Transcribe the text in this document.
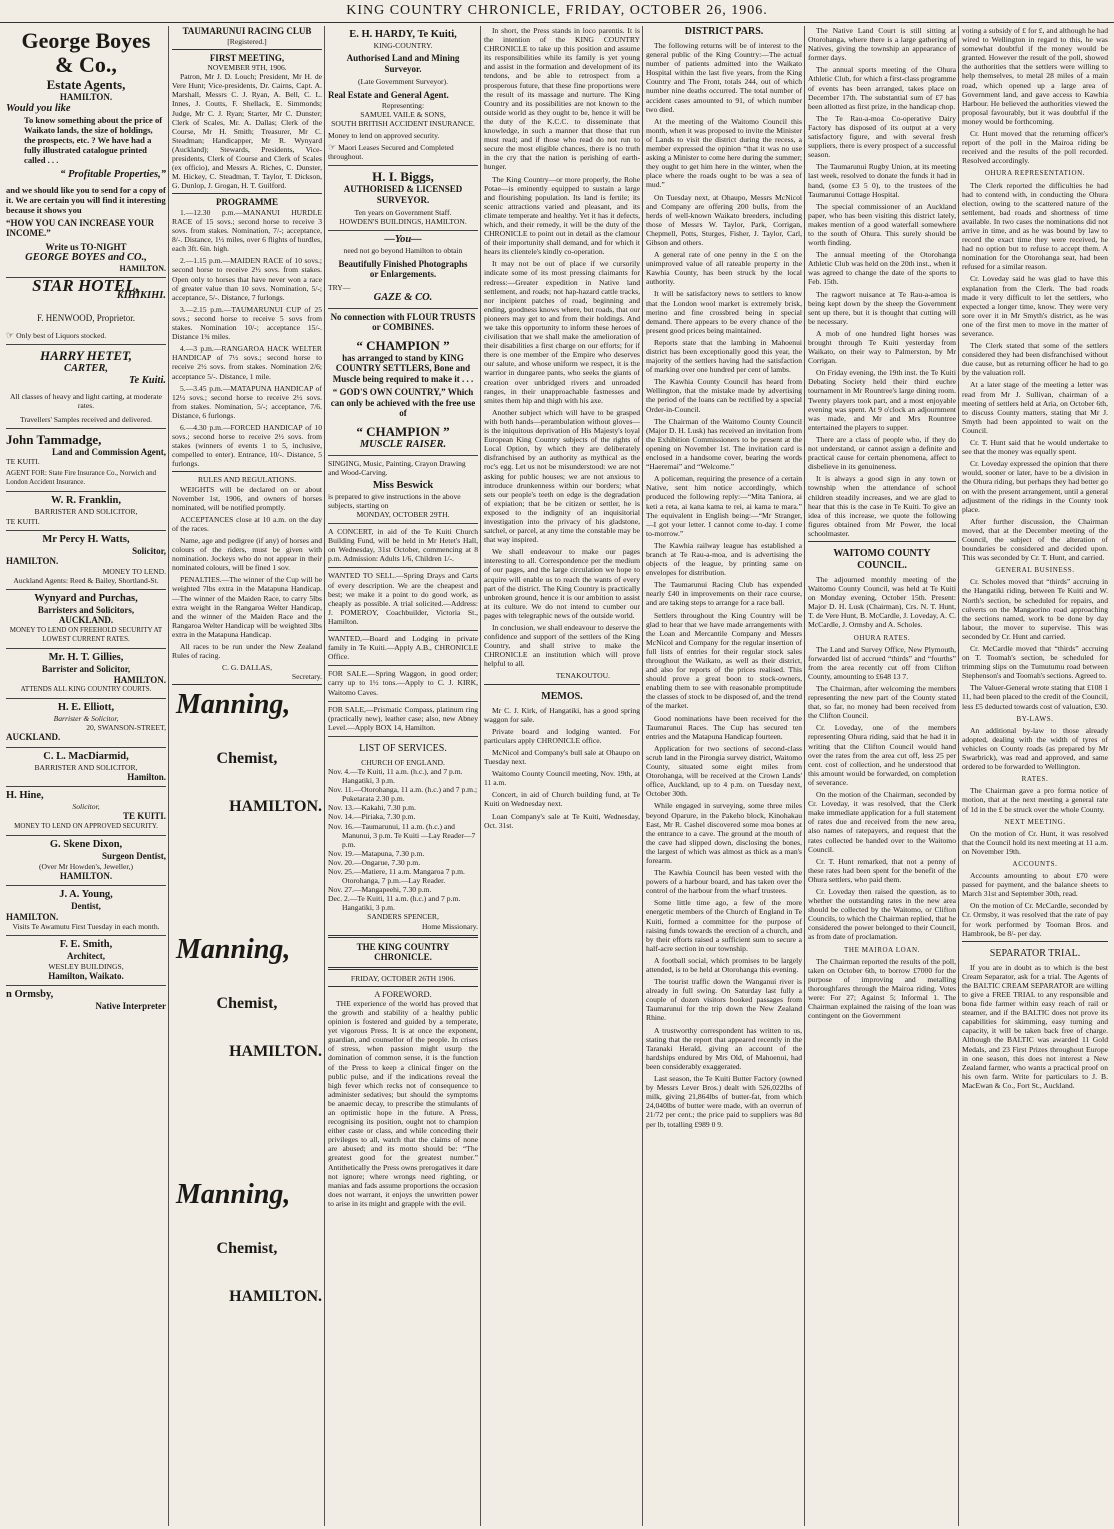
KING COUNTRY CHRONICLE, FRIDAY, OCTOBER 26, 1906.
George Boyes
& Co.,
Estate Agents,
HAMILTON.
Would you like
To know something about the price of Waikato lands, the size of holdings, the prospects, etc. ? We have had a fully illustrated catalogue printed called . . .
“ Profitable Properties,”
and we should like you to send for a copy of it. We are certain you will find it interesting because it shows you
“HOW YOU CAN INCREASE YOUR INCOME.”
Write us TO-NIGHT
GEORGE BOYES and CO.,
HAMILTON.
STAR HOTEL,
KIHIKIHI.
F. HENWOOD, Proprietor.
☞ Only best of Liquors stocked.
HARRY HETET,
CARTER,
Te Kuiti.
All classes of heavy and light carting, at moderate rates.
Travellers' Samples received and delivered.
John Tammadge,
Land and Commission Agent,
TE KUITI.
AGENT FOR: State Fire Insurance Co., Norwich and London Accident Insurance.
W. R. Franklin,
BARRISTER AND SOLICITOR,
TE KUITI.
Mr Percy H. Watts,
Solicitor,
HAMILTON.
MONEY TO LEND.
Auckland Agents: Reed & Bailey, Shortland-St.
Wynyard and Purchas,
Barristers and Solicitors,
AUCKLAND.
MONEY TO LEND ON FREEHOLD SECURITY AT LOWEST CURRENT RATES.
Mr. H. T. Gillies,
Barrister and Solicitor,
HAMILTON.
ATTENDS ALL KING COUNTRY COURTS.
H. E. Elliott,
Barrister & Solicitor,
20, SWANSON-STREET,
AUCKLAND.
C. L. MacDiarmid,
BARRISTER AND SOLICITOR,
Hamilton.
H. Hine,
Solicitor,
TE KUITI.
MONEY TO LEND ON APPROVED SECURITY.
G. Skene Dixon,
Surgeon Dentist,
(Over Mr Howden's, Jeweller,)
HAMILTON.
J. A. Young,
Dentist,
HAMILTON.
Visits Te Awamutu First Tuesday in each month.
F. E. Smith,
Architect,
WESLEY BUILDINGS,
Hamilton, Waikato.
n Ormsby,
Native Interpreter
TAUMARUNUI RACING CLUB
[Registered.]
FIRST MEETING,
NOVEMBER 9TH, 1906.

Patron, Mr J. D. Louch; President, Mr H. de Vere Hunt; Vice-presidents, Dr. Cairns, Capt. A. Marshall, Messrs C. J. Ryan, A. Bell, C. L. Innes, J. Coutts, F. Shellack, E. Simmonds; Judge, Mr C. J. Ryan; Starter, Mr C. Dunster; Clerk of Scales, Mr. A. Dallas; Clerk of the Course, Mr H. Smith; Treasurer, Mr C. Steadman; Handicapper, Mr R. Wynyard (Auckland); Stewards, Presidents, Vice-presidents, Clerk of Course and Clerk of Scales (ex officio), and Messrs A. Riches, C. Dunster, M. Hickey, C. Steadman, T. Taylor, T. Dickson, G. Dunlop, J. Grogan, H. T. Guilford.

PROGRAMME

1.—12.30 p.m.—MANANUI HURDLE RACE of 15 sovs.; second horse to receive 3 sovs. from stakes. Nomination, 7/-; acceptance, 8/-. Distance, 1½ miles, over 6 flights of hurdles, each 3ft. 6in. high.

2.—1.15 p.m.—MAIDEN RACE of 10 sovs.; second horse to receive 2½ sovs. from stakes. Open only to horses that have never won a race of greater value than 10 sovs. Nomination, 5/-; acceptance, 5/-. Distance, 7 furlongs.

3.—2.15 p.m.—TAUMARUNUI CUP of 25 sovs.; second horse to receive 5 sovs from stakes. Nomination 10/-; acceptance 15/-. Distance 1¾ miles.

4.—3 p.m.—RANGAROA HACK WELTER HANDICAP of 7½ sovs.; second horse to receive 2½ sovs. from stakes. Nomination 2/6; acceptance 5/-. Distance, 1 mile.

5.—3.45 p.m.—MATAPUNA HANDICAP of 12½ sovs.; second horse to receive 2½ sovs. from stakes. Nomination, 5/-; acceptance, 7/6. Distance, 6 furlongs.

6.—4.30 p.m.—FORCED HANDICAP of 10 sovs.; second horse to receive 2½ sovs. from stakes (winners of events 1 to 5, inclusive, compelled to enter). Entrance, 10/-. Distance, 5 furlongs.

RULES AND REGULATIONS.

WEIGHTS will be declared on or about November 1st, 1906, and owners of horses nominated, will be notified promptly.

ACCEPTANCES close at 10 a.m. on the day of the races.

Name, age and pedigree (if any) of horses and colours of the riders, must be given with nomination. Jockeys who do not appear in their nominated colours, will be fined 1 sov.

PENALTIES.—The winner of the Cup will be weighted 7lbs extra in the Matapuna Handicap.—The winner of the Maiden Race, to carry 5lbs extra weight in the Rangaroa Welter Handicap, and the winner of the Maiden Race and the Rangaroa Welter Handicap will be weighted 3lbs extra in the Matapuna Handicap.

All races to be run under the New Zealand Rules of racing.

C. G. DALLAS,
Secretary.
Manning,
Chemist,
HAMILTON.
Manning,
Chemist,
HAMILTON.
Manning,
Chemist,
HAMILTON.
E. H. HARDY, Te Kuiti,
KING-COUNTRY.
Authorised Land and Mining Surveyor.
(Late Government Surveyor).
Real Estate and General Agent.
Representing:
SAMUEL VAILE & SONS,
SOUTH BRITISH ACCIDENT INSURANCE.
Money to lend on approved security.
☞ Maori Leases Secured and Completed throughout.
H. I. Biggs,
AUTHORISED & LICENSED SURVEYOR.
Ten years on Government Staff.
HOWDEN'S BUILDINGS, HAMILTON.
—You—
need not go beyond Hamilton to obtain
Beautifully Finished Photographs or Enlargements.
TRY—
GAZE & CO.
No connection with FLOUR TRUSTS or COMBINES.
“ CHAMPION ”
has arranged to stand by KING COUNTRY SETTLERS, Bone and Muscle being required to make it . . .
“ GOD'S OWN COUNTRY,” Which can only be achieved with the free use of
“ CHAMPION ”
MUSCLE RAISER.
SINGING, Music, Painting, Crayon Drawing and Wood-Carving.
Miss Beswick
is prepared to give instructions in the above subjects, starting on
MONDAY, OCTOBER 29TH.
A CONCERT, in aid of the Te Kuiti Church Building Fund, will be held in Mr Hetet's Hall, on Wednesday, 31st October, commencing at 8 p.m. Admission: Adults 1/6, Children 1/-.
WANTED TO SELL.—Spring Drays and Carts of every description. We are the cheapest and best; we make it a point to do good work, as cheaply as possible. A trial solicited.—Address: J. POMEROY, Coachbuilder, Victoria St., Hamilton.
WANTED,—Board and Lodging in private family in Te Kuiti.—Apply A.B., CHRONICLE Office.
FOR SALE.—Spring Waggon, in good order; carry up to 1½ tons.—Apply to C. J. KIRK, Waitomo Caves.
FOR SALE,—Prismatic Compass, platinum ring (practically new), leather case; also, new Abney Level.—Apply BOX 14, Hamilton.
LIST OF SERVICES.
CHURCH OF ENGLAND.
Nov. 4.—Te Kuiti, 11 a.m. (h.c.), and 7 p.m. Hangatiki, 3 p.m.
Nov. 11.—Otorohanga, 11 a.m. (h.c.) and 7 p.m.; Puketarata 2.30 p.m.
Nov. 13.—Kakahi, 7.30 p.m.
Nov. 14.—Piriaka, 7.30 p.m.
Nov. 16.—Taumarunui, 11 a.m. (h.c.) and Manunui, 3 p.m. Te Kuiti —Lay Reader—7 p.m.
Nov. 19.—Matapuna, 7.30 p.m.
Nov. 20.—Ongarue, 7.30 p.m.
Nov. 25.—Matiere, 11 a.m. Mangaroa 7 p.m. Otorohanga, 7 p.m.—Lay Reader.
Nov. 27.—Mangapeehi, 7.30 p.m.
Dec. 2.—Te Kuiti, 11 a.m. (h.c.) and 7 p.m. Hangatiki, 3 p.m.
SANDERS SPENCER,
Home Missionary.
THE KING COUNTRY CHRONICLE.
FRIDAY, OCTOBER 26TH 1906.
A FOREWORD.

THE experience of the world has proved that the growth and stability of a healthy public opinion is fostered and guided by a temperate, yet vigorous Press. It is at once the exponent, guardian, and counsellor of the people. In crises of stress, when passion might usurp the domination of common sense, it is the function of the Press to keep a clinical finger on the public pulse, and if the indications reveal the high fever which recks not of consequence to administer sedatives; but should the symptoms be anaemic decay, to prescribe the stimulants of an optimistic hope in the future. A Press, recognising its position, ought not to champion either caste or class, and while conceding their privileges to all, watch that the claims of none are abused; and its motto should be: “The greatest good for the greatest number.” Antithetically the Press owns prerogatives it dare not ignore; where wrongs need righting, or manias and fads assume proportions the occasion does not warrant, it enjoys the unwritten power to arise in its might and grapple with the evil.

In short, the Press stands in loco parentis. It is the intention of the KING COUNTRY CHRONICLE to take up this position and assume its responsibilities while its family is yet young and assist in the formation and development of its tendons, and be able to retrospect from a prosperous future, that these fine proportions were the result of its massage and nurture. The King Country and its possibilities are not known to the outside world as they ought to be, hence it will be the duty of the K.C.C. to disseminate that knowledge, in such a manner that those that run must read; and if those who read do not run to secure the most eligible chances, there is no truth in the cry that the nation is perishing of earth-hunger.

The King Country—or more properly, the Rohe Potae—is eminently equipped to sustain a large and flourishing population. Its land is fertile; its scenic attractions varied and pleasant, and its climate temperate and healthy. Yet it has it defects, which, and their remedy, it will be the duty of the CHRONICLE to point out in detail as the clamour of their importunity shall demand, and for which it hears its clientele's kindly co-operation.

It may not be out of place if we cursorily indicate some of its most pressing claimants for redress:—Greater expedition in Native land settlement, and roads; not hap-hazard cattle tracks, nor incipient patches of road, beginning and ending, goodness knows where, but roads, that our pioneers may get to and from their holdings. And we take this opportunity to inform these heroes of civilisation that we shall make the amelioration of their disabilities a first charge on our efforts; for if there is one member of the Empire who deserves our salute, and whose uniform we respect, it is the warrior in dungaree pants, who seeks the giants of creation over unbridged rivers and unroaded ranges, in their unapproachable fastnesses and smites them hip and thigh with his axe.

Another subject which will have to be grasped with both hands—perambulation without gloves—is the iniquitous deprivation of His Majesty's loyal European King Country subjects of the rights of Local Option, by which they are deliberately disfranchised by an authority as mythical as the roc's egg. Let us not be misunderstood: we are not asking for public houses; we are not anxious to introduce drunkenness within our borders; what sets our people's teeth on edge is the degradation of expiation; that he be citizen or settler, he is exposed to the indignity of an inquisitorial investigation into the privacy of his gladstone, satchel, or parcel, at any time the constable may be that way inspired.

We shall endeavour to make our pages interesting to all. Correspondence per the medium of our pages, and the large circulation we hope to acquire will enable us to reach the wants of every part of the district. The King Country is practically unbroken ground, hence it is our ambition to assist at its culture. We do not intend to cumber our pages with telegraphic news of the outside world.

In conclusion, we shall endeavour to deserve the confidence and support of the settlers of the King Country, and shall strive to make the CHRONICLE an institution which will prove helpful to all.

TENAKOUTOU.
MEMOS.

Mr C. J. Kirk, of Hangatiki, has a good spring waggon for sale.

Private board and lodging wanted. For particulars apply CHRONICLE office.

McNicol and Company's bull sale at Ohaupo on Tuesday next.

Waitomo County Council meeting, Nov. 19th, at 11 a.m.

Concert, in aid of Church building fund, at Te Kuiti on Wednesday next.

Loan Company's sale at Te Kuiti, Wednesday, Oct. 31st.

DISTRICT PARS.

The following returns will be of interest to the general public of the King Country:—The actual number of patients admitted into the Waikato Hospital within the last five years, from the King Country and The Front, totals 244, out of which number nine deaths occurred. The total number of accident cases amounted to 91, of which number two died.

At the meeting of the Waitomo Council this month, when it was proposed to invite the Minister of Lands to visit the district during the recess, a member expressed the opinion “that it was no use asking a Minister to come here during the summer; they ought to get him here in the winter, when the place where the roads ought to be was a sea of mud.”

On Tuesday next, at Ohaupo, Messrs McNicol and Company are offering 200 bulls, from the herds of well-known Waikato breeders, including those of Messrs W. Taylor, Park, Corrigan, Chepmell, Potts, Sturges, Fisher, J. Taylor, Carl, Gibson and others.

A general rate of one penny in the £ on the unimproved value of all rateable property in the Kawhia County, has been struck by the local authority.

It will be satisfactory news to settlers to know that the London wool market is extremely brisk, merino and fine crossbred being in special demand. There appears to be every chance of the present good prices being maintained.

Reports state that the lambing in Mahoenui district has been exceptionally good this year, the majority of the settlers having had the satisfaction of marking over one hundred per cent of lambs.

The Kawhia County Council has heard from Wellington, that the mistake made by advertising the period of the loans can be rectified by a special Order-in-Council.

The Chairman of the Waitomo County Council (Major D. H. Lusk) has received an invitation from the Exhibition Commissioners to be present at the opening on November 1st. The invitation card is enclosed in a handsome cover, bearing the words “Haeremai” and “Welcome.”

A policeman, requiring the presence of a certain Native, sent him notice accordingly, which produced the following reply:—“Mita Taniora, ai keti a reta, ai kana kama te rei, ai kama te mara.” The equivalent in English being:—“Mr Stranger,—I got your letter. I cannot come to-day. I come to-morrow.”

The Kawhia railway league has established a branch at Te Rau-a-moa, and is advertising the objects of the league, by printing same on envelopes for distribution.

The Taumarunui Racing Club has expended nearly £40 in improvements on their race course, and are taking steps to arrange for a race ball.

Settlers throughout the King Country will be glad to hear that we have made arrangements with the Loan and Mercantile Company and Messrs McNicol and Company for the regular insertion of full lists of entries for their regular stock sales throughout the Waikato, as well as their district, and also for reports of the prices realised. This should prove a great boon to stock-owners, enabling them to see with reasonable promptitude the classes of stock to be disposed of, and the trend of the market.

Good nominations have been received for the Taumarunui Races. The Cup has secured ten entries and the Matapuna Handicap fourteen.

Application for two sections of second-class scrub land in the Pirongia survey district, Waitomo County, situated some eight miles from Otorohanga, will be received at the Crown Lands' office, Auckland, up to 4 p.m. on Tuesday next, October 30th.

While engaged in surveying, some three miles beyond Oparure, in the Pakeho block, Kinohakau East, Mr R. Cashel discovered some moa bones at the entrance to a cave. The ground at the mouth of the cave had slipped down, disclosing the bones, the largest of which was almost as thick as a man's forearm.

The Kawhia Council has been vested with the powers of a harbour board, and has taken over the control of the harbour from the wharf trustees.

Some little time ago, a few of the more energetic members of the Church of England in Te Kuiti, formed a committee for the purpose of raising funds towards the erection of a church, and by their efforts raised a sufficient sum to secure a half-acre section in our township.

A football social, which promises to be largely attended, is to be held at Otorohanga this evening.

The tourist traffic down the Wanganui river is already in full swing. On Saturday last fully a couple of dozen visitors booked passages from Taumarunui for the trip down the New Zealand Rhine.

A trustworthy correspondent has written to us, stating that the report that appeared recently in the Taranaki Herald, giving an account of the hardships endured by Mrs Old, of Mahoenui, had been considerably exaggerated.

Last season, the Te Kuiti Butter Factory (owned by Messrs Lever Bros.) dealt with 526,022lbs of milk, giving 21,864lbs of butter-fat, from which 24,040lbs of butter were made, with an overrun of 21/72 per cent.; the price paid to suppliers was 8d per lb, totalling £989 0 9.

The Native Land Court is still sitting at Otorohanga, where there is a large gathering of Natives, giving the township an appearance of former days.

The annual sports meeting of the Ohura Athletic Club, for which a first-class programme of events has been arranged, takes place on December 17th. The substantial sum of £7 has been allotted as first prize, in the handicap chop.

The Te Rau-a-moa Co-operative Dairy Factory has disposed of its output at a very satisfactory figure, and with several fresh suppliers, there is every prospect of a successful season.

The Taumarunui Rugby Union, at its meeting last week, resolved to donate the funds it had in hand, (some £3 5 0), to the trustees of the Taumarunui Cottage Hospital.

The special commissioner of an Auckland paper, who has been visiting this district lately, makes mention of a good waterfall somewhere to the south of Ohura. This surely should be worth finding.

The annual meeting of the Otorohanga Athletic Club was held on the 20th inst., when it was agreed to change the date of the sports to Feb. 15th.

The ragwort nuisance at Te Rau-a-amoa is being kept down by the sheep the Government sent up there, but it is thought that cutting will be necessary.

A mob of one hundred light horses was brought through Te Kuiti yesterday from Waikato, on their way to Palmerston, by Mr Corrigan.

On Friday evening, the 19th inst. the Te Kuiti Debating Society held their third euchre tournament in Mr Rountree's large dining room. Twenty players took part, and a most enjoyable evening was spent. At 9 o'clock an adjournment was made, and Mr and Mrs Rountree entertained the players to supper.

There are a class of people who, if they do not understand, or cannot assign a definite and practical cause for certain phenomena, affect to disbelieve in its genuineness.

It is always a good sign in any town or township when the attendance of school children steadily increases, and we are glad to hear that this is the case in Te Kuiti. To give an idea of this increase, we quote the following figures obtained from Mr Power, the local schoolmaster.

WAITOMO COUNTY COUNCIL.

The adjourned monthly meeting of the Waitomo County Council, was held at Te Kuiti on Monday evening, October 15th. Present: Major D. H. Lusk (Chairman), Crs. N. T. Hunt, T. de Vere Hunt, B. McCardle, J. Loveday, A. C. McCardle, J. Ormsby and A. Scholes.

OHURA RATES.

The Land and Survey Office, New Plymouth, forwarded list of accrued “thirds” and “fourths” from the area recently cut off from Clifton County, amounting to £648 13 7.

The Chairman, after welcoming the members representing the new part of the County stated that, so far, no money had been received from the Clifton Council.

Cr. Loveday, one of the members representing Ohura riding, said that he had it in writing that the Clifton Council would hand over the rates from the area cut off, less 25 per cent. cost of collection, and he understood that this amount would be forwarded, on completion of severance.

On the motion of the Chairman, seconded by Cr. Loveday, it was resolved, that the Clerk make immediate application for a full statement of rates due and received from the new area, also names of ratepayers, and request that the rates collected be handed over to the Waitomo Council.

Cr. T. Hunt remarked, that not a penny of these rates had been spent for the benefit of the Ohura settlers, who paid them.

Cr. Loveday then raised the question, as to whether the outstanding rates in the new area should be collected by the Waitomo, or Clifton Councils, to which the Chairman replied, that he considered the power belonged to their Council, as from date of proclamation.

THE MAIROA LOAN.

The Chairman reported the results of the poll, taken on October 6th, to borrow £7000 for the purpose of improving and metalling thoroughfares through the Mairoa riding. Votes were: For 27; Against 5; Informal 1. The Chairman explained the raising of the loan was contingent on the Government

voting a subsidy of £ for £, and although he had wired to Wellington in regard to this, he was somewhat doubtful if the money would be granted. However the result of the poll, showed the authorities that the settlers were willing to help themselves, to metal 28 miles of a main road, which opened up a large area of Government land, and gave access to Kawhia Harbour. He believed the authorities viewed the proposal favourably, but it was doubtful if the money would be forthcoming.

Cr. Hunt moved that the returning officer's report of the poll in the Mairoa riding be received and the results of the poll recorded. Resolved accordingly.

OHURA REPRESENTATION.

The Clerk reported the difficulties he had had to contend with, in conducting the Ohura election, owing to the scattered nature of the settlement, bad roads and shortness of time available. In two cases the nominations did not arrive in time, and as he was bound by law to record the exact time they were received, he had no option but to refuse to accept them. A nomination for the Otorohanga seat, had been refused for a similar reason.

Cr. Loveday said he was glad to have this explanation from the Clerk. The bad roads made it very difficult to let the settlers, who expected a longer time, know. They were very sore over it in Mr Smyth's district, as he was one of the first men to move in the matter of severance.

The Clerk stated that some of the settlers considered they had been disfranchised without due cause, but as returning officer he had to go by the valuation roll.

At a later stage of the meeting a letter was read from Mr J. Sullivan, chairman of a meeting of settlers held at Aria, on October 6th, to discuss County matters, stating that Mr J. Smyth had been appointed to wait on the Council.

Cr. T. Hunt said that he would undertake to see that the money was equally spent.

Cr. Loveday expressed the opinion that there would, sooner or later, have to be a division in the Ohura riding, but perhaps they had better go on with the present arrangement, until a general adjustment of the ridings in the County took place.

After further discussion, the Chairman moved, that at the December meeting of the Council, the subject of the alteration of boundaries be considered and decided upon. This was seconded by Cr. T. Hunt, and carried.

GENERAL BUSINESS.

Cr. Scholes moved that “thirds” accruing in the Hangatiki riding, between Te Kuiti and W. North's section, be scheduled for repairs, and culverts on the Mangaorino road approaching the sections named, work to be done by day labour, the mover to supervise. This was seconded by Cr. Hunt and carried.

Cr. McCardle moved that “thirds” accruing on T. Toomah's section, be scheduled for trimming slips on the Tumutumu road between Stephenson's and Toomah's sections. Agreed to.

The Valuer-General wrote stating that £108 1 11, had been placed to the credit of the Council, less £5 deducted towards cost of valuation, £30.

BY-LAWS.

An additional by-law to those already adopted, dealing with the width of tyres of vehicles on County roads (as prepared by Mr Swarbrick), was read and approved, and same ordered to be forwarded to Wellington.

RATES.

The Chairman gave a pro forma notice of motion, that at the next meeting a general rate of 1d in the £ be struck over the whole County.

NEXT MEETING.

On the motion of Cr. Hunt, it was resolved that the Council hold its next meeting at 11 a.m. on November 19th.

ACCOUNTS.

Accounts amounting to about £70 were passed for payment, and the balance sheets to March 31st and September 30th, read.

On the motion of Cr. McCardle, seconded by Cr. Ormsby, it was resolved that the rate of pay for work performed by Tooman Bros. and Hambrook, be 8/- per day.

SEPARATOR TRIAL.

If you are in doubt as to which is the best Cream Separator, ask for a trial. The Agents of the BALTIC CREAM SEPARATOR are willing to give a FREE TRIAL to any responsible and bona fide farmer within easy reach of rail or steamer, and if the BALTIC does not prove its capabilities for skimming, easy turning and capacity, it will be taken back free of charge. Although the BALTIC was awarded 11 Gold Medals, and 23 First Prizes throughout Europe in one season, this does not interest a New Zealand farmer, who wants a practical proof on his own farm. Write for particulars to J. B. MacEwan & Co., Fort St., Auckland.
